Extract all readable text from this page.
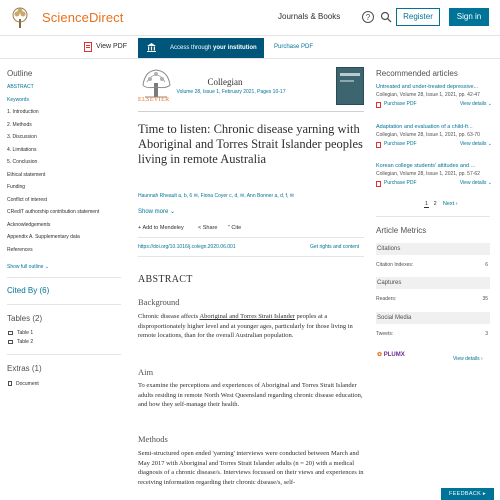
ScienceDirect	Journals & Books	?	Register	Sign in
View PDF	Access through your institution	Purchase PDF
Outline
ABSTRACT
Keywords
1. Introduction
2. Methods
3. Discussion
4. Limitations
5. Conclusion
Ethical statement
Funding
Conflict of interest
CRediT authorship contribution statement
Acknowledgements
Appendix A. Supplementary data
References
Show full outline ⌄
Cited By (6)
Tables (2)
Table 1
Table 2
Extras (1)
Document
ELSEVIER
Collegian
Volume 28, Issue 1, February 2021, Pages 10-17
Time to listen: Chronic disease yarning with Aboriginal and Torres Strait Islander peoples living in remote Australia
Haunnah Rheault a, b, 6 ✉, Fiona Coyer c, d, ✉, Ann Bonner a, d, f, ✉
Show more ⌄
+ Add to Mendeley	< Share ” Cite
https://doi.org/10.1016/j.colegn.2020.06.001	Get rights and content
ABSTRACT
Background
Chronic disease affects Aboriginal and Torres Strait Islander peoples at a disproportionately higher level and at younger ages, particularly for those living in remote locations, than for the overall Australian population.
Aim
To examine the perceptions and experiences of Aboriginal and Torres Strait Islander adults residing in remote North West Queensland regarding chronic disease education, and how they self-manage their health.
Methods
Semi-structured open ended 'yarning' interviews were conducted between March and May 2017 with Aboriginal and Torres Strait Islander adults (n = 20) with a medical diagnosis of a chronic disease/s. Interviews focussed on their views and experiences in receiving information regarding their chronic disease/s, self-
Recommended articles
Untreated and under-treated depressive...
Collegian, Volume 28, Issue 1, 2021, pp. 42-47
Purchase PDF	View details ⌄
Adaptation and evaluation of a child-fr...
Collegian, Volume 28, Issue 1, 2021, pp. 63-70
Purchase PDF	View details ⌄
Korean college students' attitudes and ...
Collegian, Volume 28, Issue 1, 2021, pp. 57-62
Purchase PDF	View details ⌄
1 2 Next ›
Article Metrics
Citations
Citation Indexes:	6
Captures
Readers:	35
Social Media
Tweets:	3
✿ PLUMX
View details ›
FEEDBACK ▸
